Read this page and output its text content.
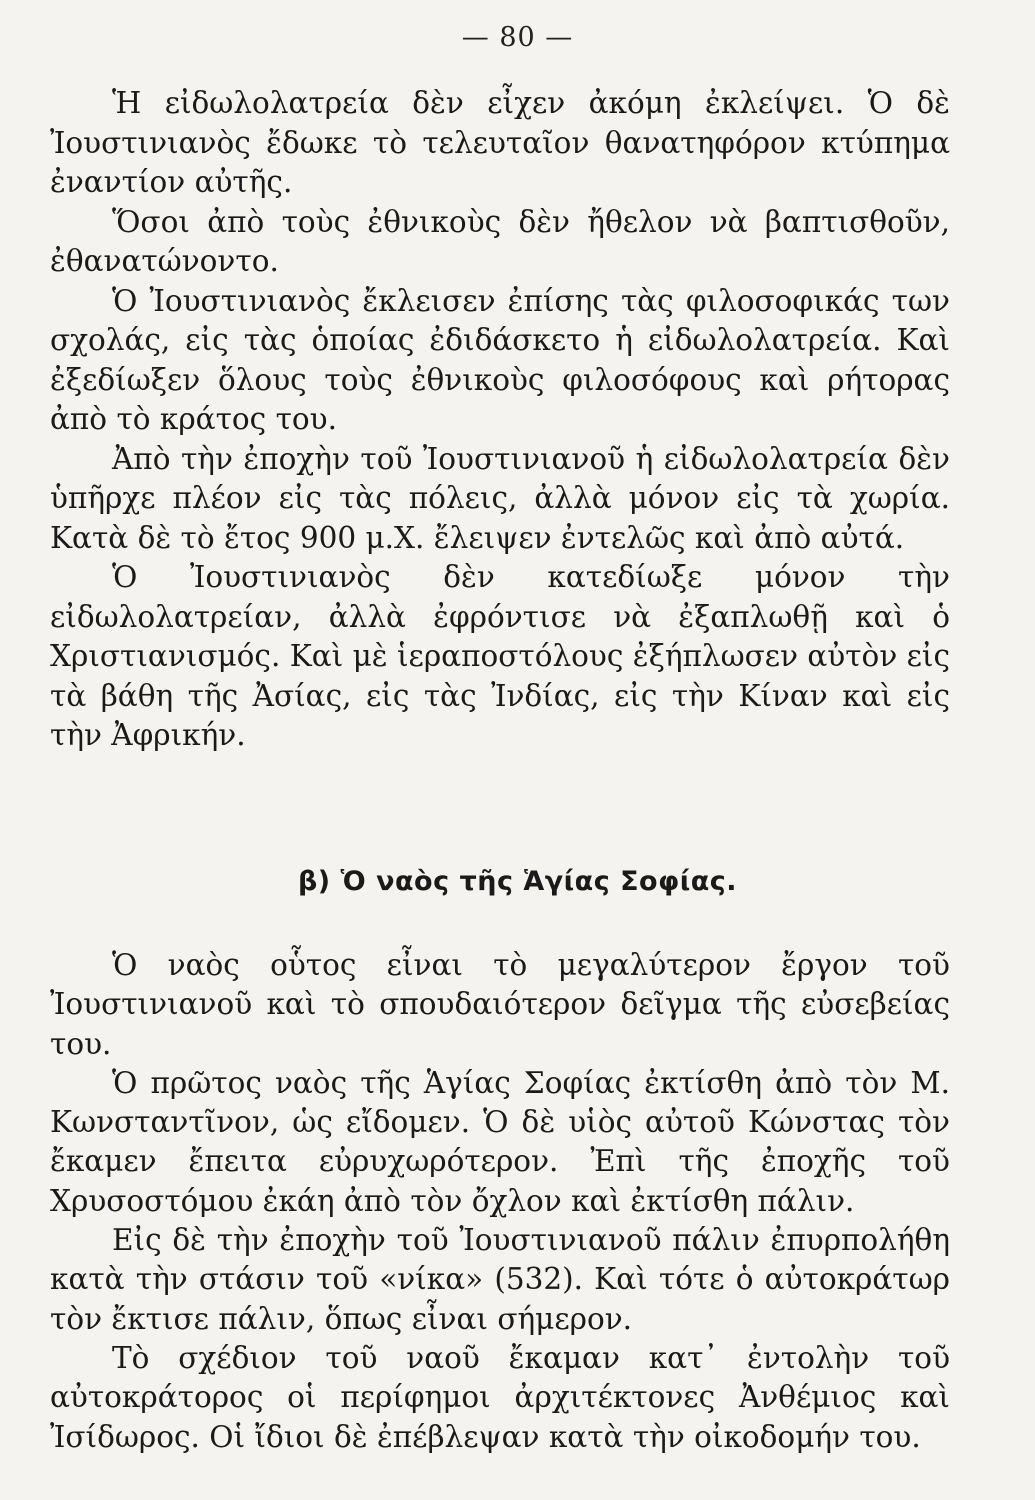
— 80 —

Ἡ εἰδωλολατρεία δὲν εἶχεν ἀκόμη ἐκλείψει. Ὁ δὲ Ἰουστινιανὸς ἔδωκε τὸ τελευταῖον θανατηφόρον κτύπημα ἐναντίον αὐτῆς.

Ὅσοι ἀπὸ τοὺς ἐθνικοὺς δὲν ἤθελον νὰ βαπτισθοῦν, ἐθανατώνοντο.

Ὁ Ἰουστινιανὸς ἔκλεισεν ἐπίσης τὰς φιλοσοφικάς των σχολάς, εἰς τὰς ὁποίας ἐδιδάσκετο ἡ εἰδωλολατρεία. Καὶ ἐξεδίωξεν ὅλους τοὺς ἐθνικοὺς φιλοσόφους καὶ ρήτορας ἀπὸ τὸ κράτος του.

Ἀπὸ τὴν ἐποχὴν τοῦ Ἰουστινιανοῦ ἡ εἰδωλολατρεία δὲν ὑπῆρχε πλέον εἰς τὰς πόλεις, ἀλλὰ μόνον εἰς τὰ χωρία. Κατὰ δὲ τὸ ἔτος 900 μ.Χ. ἔλειψεν ἐντελῶς καὶ ἀπὸ αὐτά.

Ὁ Ἰουστινιανὸς δὲν κατεδίωξε μόνον τὴν εἰδωλολατρείαν, ἀλλὰ ἐφρόντισε νὰ ἐξαπλωθῇ καὶ ὁ Χριστιανισμός. Καὶ μὲ ἱεραποστόλους ἐξήπλωσεν αὐτὸν εἰς τὰ βάθη τῆς Ἀσίας, εἰς τὰς Ἰνδίας, εἰς τὴν Κίναν καὶ εἰς τὴν Ἀφρικήν.

β) Ὁ ναὸς τῆς Ἁγίας Σοφίας.

Ὁ ναὸς οὗτος εἶναι τὸ μεγαλύτερον ἔργον τοῦ Ἰουστινιανοῦ καὶ τὸ σπουδαιότερον δεῖγμα τῆς εὐσεβείας του.

Ὁ πρῶτος ναὸς τῆς Ἁγίας Σοφίας ἐκτίσθη ἀπὸ τὸν Μ. Κωνσταντῖνον, ὡς εἴδομεν. Ὁ δὲ υἱὸς αὐτοῦ Κώνστας τὸν ἔκαμεν ἔπειτα εὐρυχωρότερον. Ἐπὶ τῆς ἐποχῆς τοῦ Χρυσοστόμου ἐκάη ἀπὸ τὸν ὄχλον καὶ ἐκτίσθη πάλιν.

Εἰς δὲ τὴν ἐποχὴν τοῦ Ἰουστινιανοῦ πάλιν ἐπυρπολήθη κατὰ τὴν στάσιν τοῦ «νίκα» (532). Καὶ τότε ὁ αὐτοκράτωρ τὸν ἔκτισε πάλιν, ὅπως εἶναι σήμερον.

Τὸ σχέδιον τοῦ ναοῦ ἔκαμαν κατ᾽ ἐντολὴν τοῦ αὐτοκράτορος οἱ περίφημοι ἀρχιτέκτονες Ἀνθέμιος καὶ Ἰσίδωρος. Οἱ ἴδιοι δὲ ἐπέβλεψαν κατὰ τὴν οἰκοδομήν του.
